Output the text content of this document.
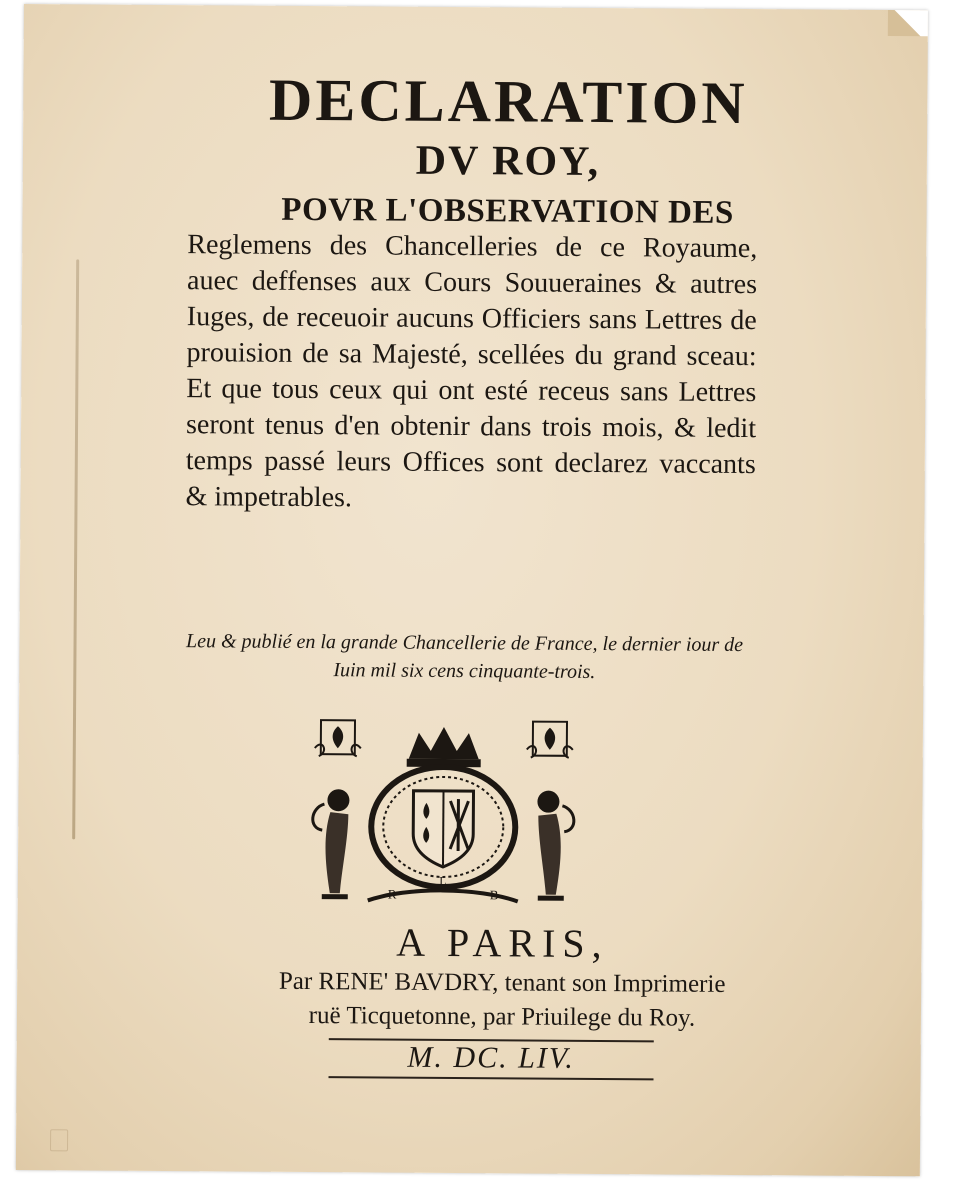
DECLARATION
DV ROY,
POVR L'OBSERVATION DES

Reglemens des Chancelleries de ce Royaume, auec deffenses aux Cours Souueraines & autres Iuges, de receuoir aucuns Officiers sans Lettres de prouision de sa Majesté, scellées du grand sceau: Et que tous ceux qui ont esté receus sans Lettres seront tenus d'en obtenir dans trois mois, & ledit temps passé leurs Offices sont declarez vaccants & impetrables.

Leu & publié en la grande Chancellerie de France, le dernier iour de Iuin mil six cens cinquante-trois.

L
R	B

A PARIS,

Par RENE' BAVDRY, tenant son Imprimerie

ruë Ticquetonne, par Priuilege du Roy.

M. DC. LIV.
